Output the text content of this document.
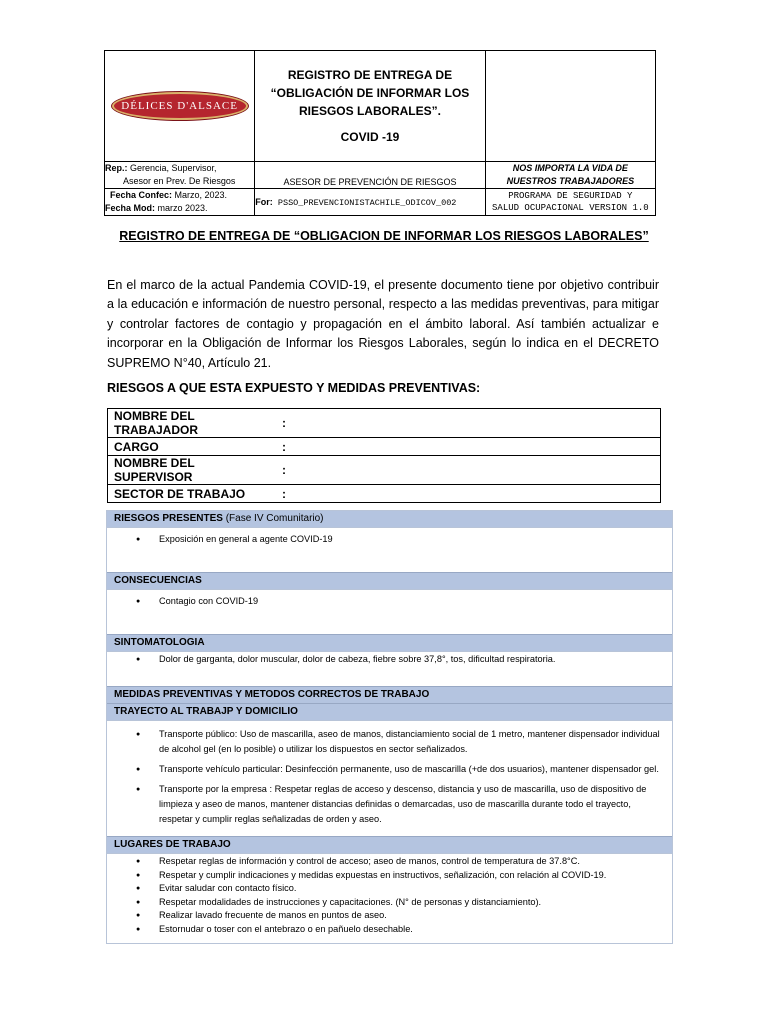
DÉLICES D'ALSACE	REGISTRO DE ENTREGA DE
“OBLIGACIÓN DE INFORMAR LOS
RIESGOS LABORALES”.
COVID -19	

Rep.: Gerencia, Supervisor,
Asesor en Prev. De Riesgos	ASESOR DE PREVENCIÓN DE RIESGOS	NOS IMPORTA LA VIDA DE
NUESTROS TRABAJADORES

Fecha Confec: Marzo, 2023.
Fecha Mod: marzo 2023.	For: PSSO_PREVENCIONISTACHILE_ODICOV_002	PROGRAMA DE SEGURIDAD Y
SALUD OCUPACIONAL VERSION 1.0
REGISTRO DE ENTREGA DE “OBLIGACION DE INFORMAR LOS RIESGOS LABORALES”

En el marco de la actual Pandemia COVID-19, el presente documento tiene por objetivo contribuir a la educación e información de nuestro personal, respecto a las medidas preventivas, para mitigar y controlar factores de contagio y propagación en el ámbito laboral. Así también actualizar e incorporar en la Obligación de Informar los Riesgos Laborales, según lo indica en el DECRETO SUPREMO N°40, Artículo 21.

RIESGOS A QUE ESTA EXPUESTO Y MEDIDAS PREVENTIVAS:
NOMBRE DEL TRABAJADOR	:
CARGO	:
NOMBRE DEL SUPERVISOR	:
SECTOR DE TRABAJO	:
RIESGOS PRESENTES (Fase IV Comunitario)
● Exposición en general a agente COVID-19
CONSECUENCIAS
● Contagio con COVID-19
SINTOMATOLOGIA
● Dolor de garganta, dolor muscular, dolor de cabeza, fiebre sobre 37,8°, tos, dificultad respiratoria.
MEDIDAS PREVENTIVAS Y METODOS CORRECTOS DE TRABAJO
TRAYECTO AL TRABAJP Y DOMICILIO
● Transporte público: Uso de mascarilla, aseo de manos, distanciamiento social de 1 metro, mantener dispensador individual de alcohol gel (en lo posible) o utilizar los dispuestos en sector señalizados.
● Transporte vehículo particular: Desinfección permanente, uso de mascarilla (+de dos usuarios), mantener dispensador gel.
● Transporte por la empresa : Respetar reglas de acceso y descenso, distancia y uso de mascarilla, uso de dispositivo de limpieza y aseo de manos, mantener distancias definidas o demarcadas, uso de mascarilla durante todo el trayecto, respetar y cumplir reglas señalizadas de orden y aseo.
LUGARES DE TRABAJO
● Respetar reglas de información y control de acceso; aseo de manos, control de temperatura de 37.8°C.
● Respetar y cumplir indicaciones y medidas expuestas en instructivos, señalización, con relación al COVID-19.
● Evitar saludar con contacto físico.
● Respetar modalidades de instrucciones y capacitaciones. (N° de personas y distanciamiento).
● Realizar lavado frecuente de manos en puntos de aseo.
● Estornudar o toser con el antebrazo o en pañuelo desechable.
